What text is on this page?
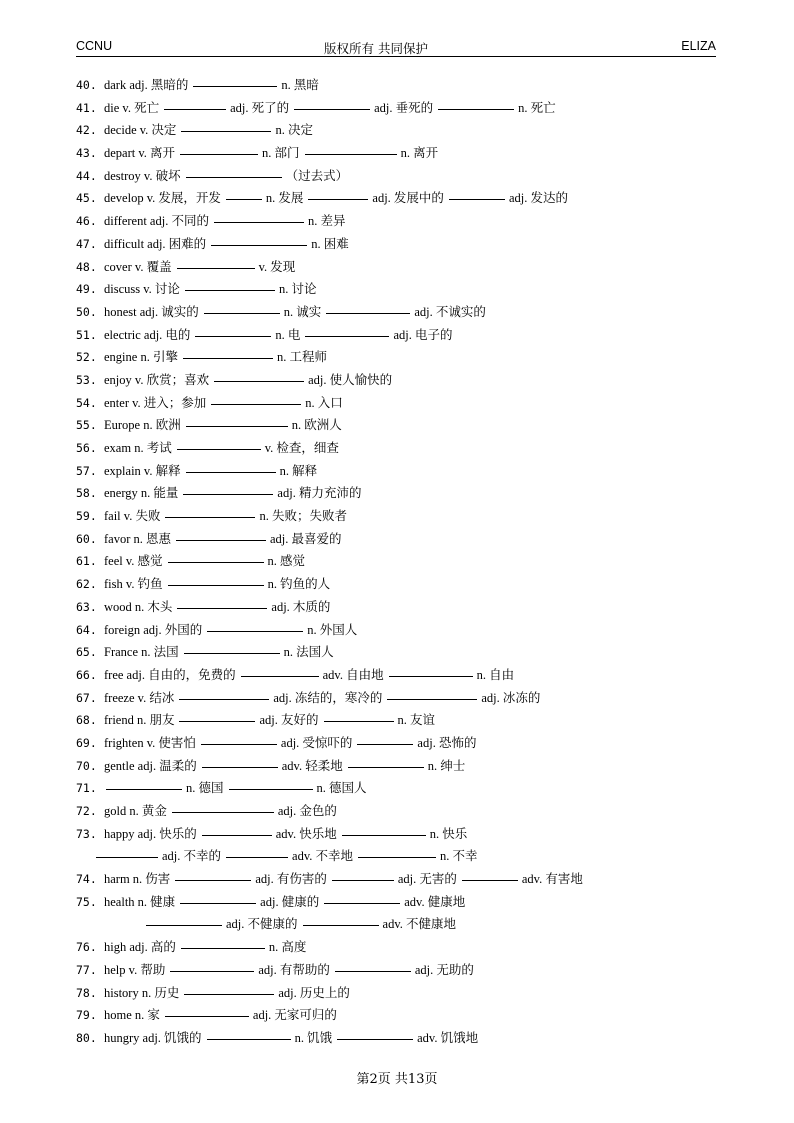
CCNU	版权所有 共同保护	ELIZA
40. dark adj. 黑暗的	n. 黑暗
41. die v. 死亡	adj. 死了的	adj. 垂死的	n. 死亡
42. decide v. 决定	n. 决定
43. depart v. 离开	n. 部门	n. 离开
44. destroy v. 破坏	（过去式）
45. develop v. 发展，开发	n. 发展	adj. 发展中的	adj. 发达的
46. different adj. 不同的	n. 差异
47. difficult adj. 困难的	n. 困难
48. cover v. 覆盖	v. 发现
49. discuss v. 讨论	n. 讨论
50. honest adj. 诚实的	n. 诚实	adj. 不诚实的
51. electric adj. 电的	n. 电	adj. 电子的
52. engine n. 引擎	n. 工程师
53. enjoy v. 欣赏；喜欢	adj. 使人愉快的
54. enter v. 进入；参加	n. 入口
55. Europe n. 欧洲	n. 欧洲人
56. exam n. 考试	v. 检查，细查
57. explain v. 解释	n. 解释
58. energy n. 能量	adj. 精力充沛的
59. fail v. 失败	n. 失败；失败者
60. favor n. 恩惠	adj. 最喜爱的
61. feel v. 感觉	n. 感觉
62. fish v. 钓鱼	n. 钓鱼的人
63. wood n. 木头	adj. 木质的
64. foreign adj. 外国的	n. 外国人
65. France n. 法国	n. 法国人
66. free adj. 自由的，免费的	adv. 自由地	n. 自由
67. freeze v. 结冰	adj. 冻结的，寒冷的	adj. 冰冻的
68. friend n. 朋友	adj. 友好的	n. 友谊
69. frighten v. 使害怕	adj. 受惊吓的	adj. 恐怖的
70. gentle adj. 温柔的	adv. 轻柔地	n. 绅士
71.	n. 德国	n. 德国人
72. gold n. 黄金	adj. 金色的
73. happy adj. 快乐的	adv. 快乐地	n. 快乐
adj. 不幸的	adv. 不幸地	n. 不幸
74. harm n. 伤害	adj. 有伤害的	adj. 无害的	adv. 有害地
75. health n. 健康	adj. 健康的	adv. 健康地
adj. 不健康的	adv. 不健康地
76. high adj. 高的	n. 高度
77. help v. 帮助	adj. 有帮助的	adj. 无助的
78. history n. 历史	adj. 历史上的
79. home n. 家	adj. 无家可归的
80. hungry adj. 饥饿的	n. 饥饿	adv. 饥饿地
第2页 共13页
